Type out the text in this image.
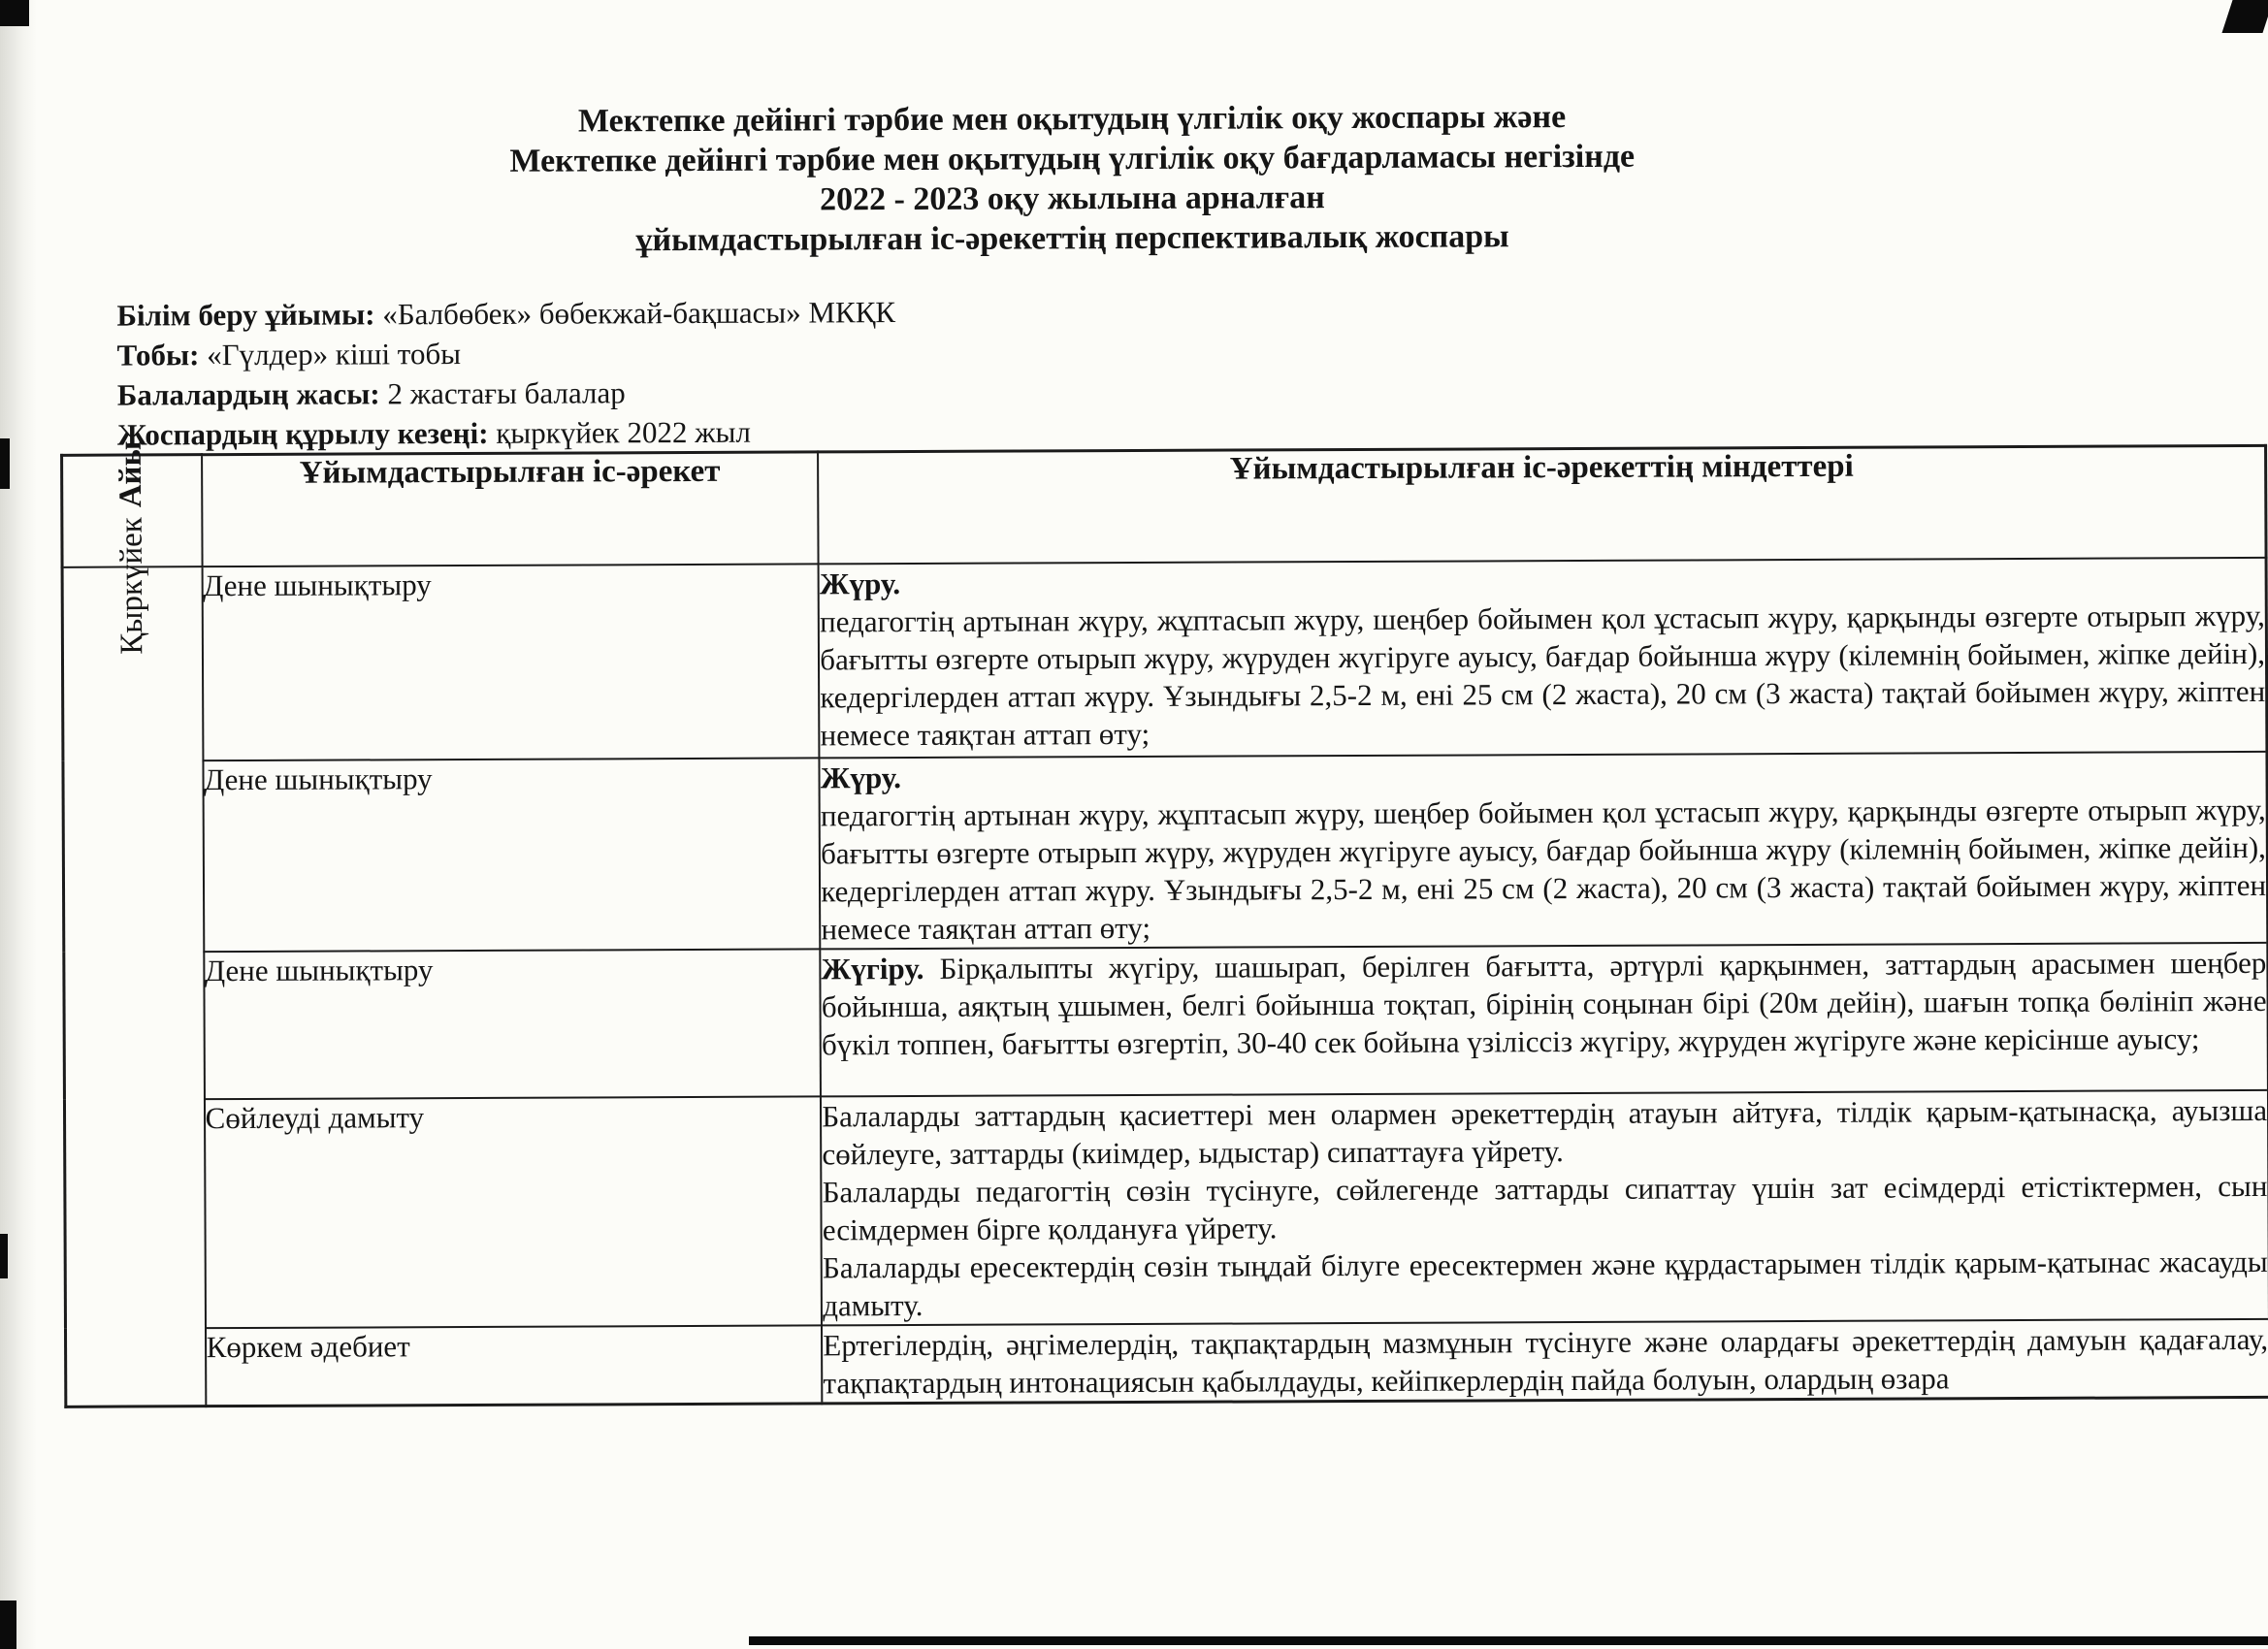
Мектепке дейінгі тәрбие мен оқытудың үлгілік оқу жоспары және
Мектепке дейінгі тәрбие мен оқытудың үлгілік оқу бағдарламасы негізінде
2022 - 2023 оқу жылына арналған
ұйымдастырылған іс-әрекеттің перспективалық жоспары
Білім беру ұйымы: «Балбөбек» бөбекжай-бақшасы» МКҚК
Тобы: «Гүлдер» кіші тобы
Балалардың жасы: 2 жастағы балалар
Жоспардың құрылу кезеңі: қыркүйек 2022 жыл
Айы	Ұйымдастырылған іс-әрекет	Ұйымдастырылған іс-әрекеттің міндеттері
Қыркүйек	Дене шынықтыру	Жүру.

педагогтің артынан жүру, жұптасып жүру, шеңбер бойымен қол ұстасып жүру, қарқынды өзгерте отырып жүру, бағытты өзгерте отырып жүру, жүруден жүгіруге ауысу, бағдар бойынша жүру (кілемнің бойымен, жіпке дейін), кедергілерден аттап жүру. Ұзындығы 2,5-2 м, ені 25 см (2 жаста), 20 см (3 жаста) тақтай бойымен жүру, жіптен немесе таяқтан аттап өту;

	Дене шынықтыру	Жүру.

педагогтің артынан жүру, жұптасып жүру, шеңбер бойымен қол ұстасып жүру, қарқынды өзгерте отырып жүру, бағытты өзгерте отырып жүру, жүруден жүгіруге ауысу, бағдар бойынша жүру (кілемнің бойымен, жіпке дейін), кедергілерден аттап жүру. Ұзындығы 2,5-2 м, ені 25 см (2 жаста), 20 см (3 жаста) тақтай бойымен жүру, жіптен немесе таяқтан аттап өту;

	Дене шынықтыру	Жүгіру. Бірқалыпты жүгіру, шашырап, берілген бағытта, әртүрлі қарқынмен, заттардың арасымен шеңбер бойынша, аяқтың ұшымен, белгі бойынша тоқтап, бірінің соңынан бірі (20м дейін), шағын топқа бөлініп және бүкіл топпен, бағытты өзгертіп, 30-40 сек бойына үзіліссіз жүгіру, жүруден жүгіруге және керісінше ауысу;

	Сөйлеуді дамыту	Балаларды заттардың қасиеттері мен олармен әрекеттердің атауын айтуға, тілдік қарым-қатынасқа, ауызша сөйлеуге, заттарды (киімдер, ыдыстар) сипаттауға үйрету.

Балаларды педагогтің сөзін түсінуге, сөйлегенде заттарды сипаттау үшін зат есімдерді етістіктермен, сын есімдермен бірге қолдануға үйрету.

Балаларды ересектердің сөзін тыңдай білуге ересектермен және құрдастарымен тілдік қарым-қатынас жасауды дамыту.

	Көркем әдебиет	Ертегілердің, әңгімелердің, тақпақтардың мазмұнын түсінуге және олардағы әрекеттердің дамуын қадағалау, тақпақтардың интонациясын қабылдауды, кейіпкерлердің пайда болуын, олардың өзара
